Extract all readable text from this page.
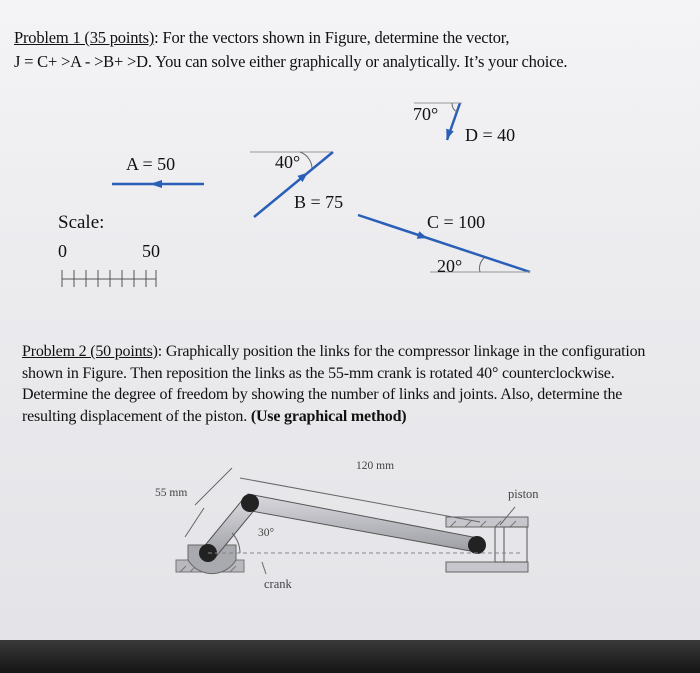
Problem 1 (35 points): For the vectors shown in Figure, determine the vector,
J = C+ >A - >B+ >D. You can solve either graphically or analytically. It’s your choice.
A = 50	40°
B = 75
C = 100
20°
70°
D = 40
Scale:
0	50
Problem 2 (50 points): Graphically position the links for the compressor linkage in the configuration
shown in Figure. Then reposition the links as the 55-mm crank is rotated 40° counterclockwise.
Determine the degree of freedom by showing the number of links and joints. Also, determine the
resulting displacement of the piston. (Use graphical method)
120 mm
55 mm
30°
crank
piston
